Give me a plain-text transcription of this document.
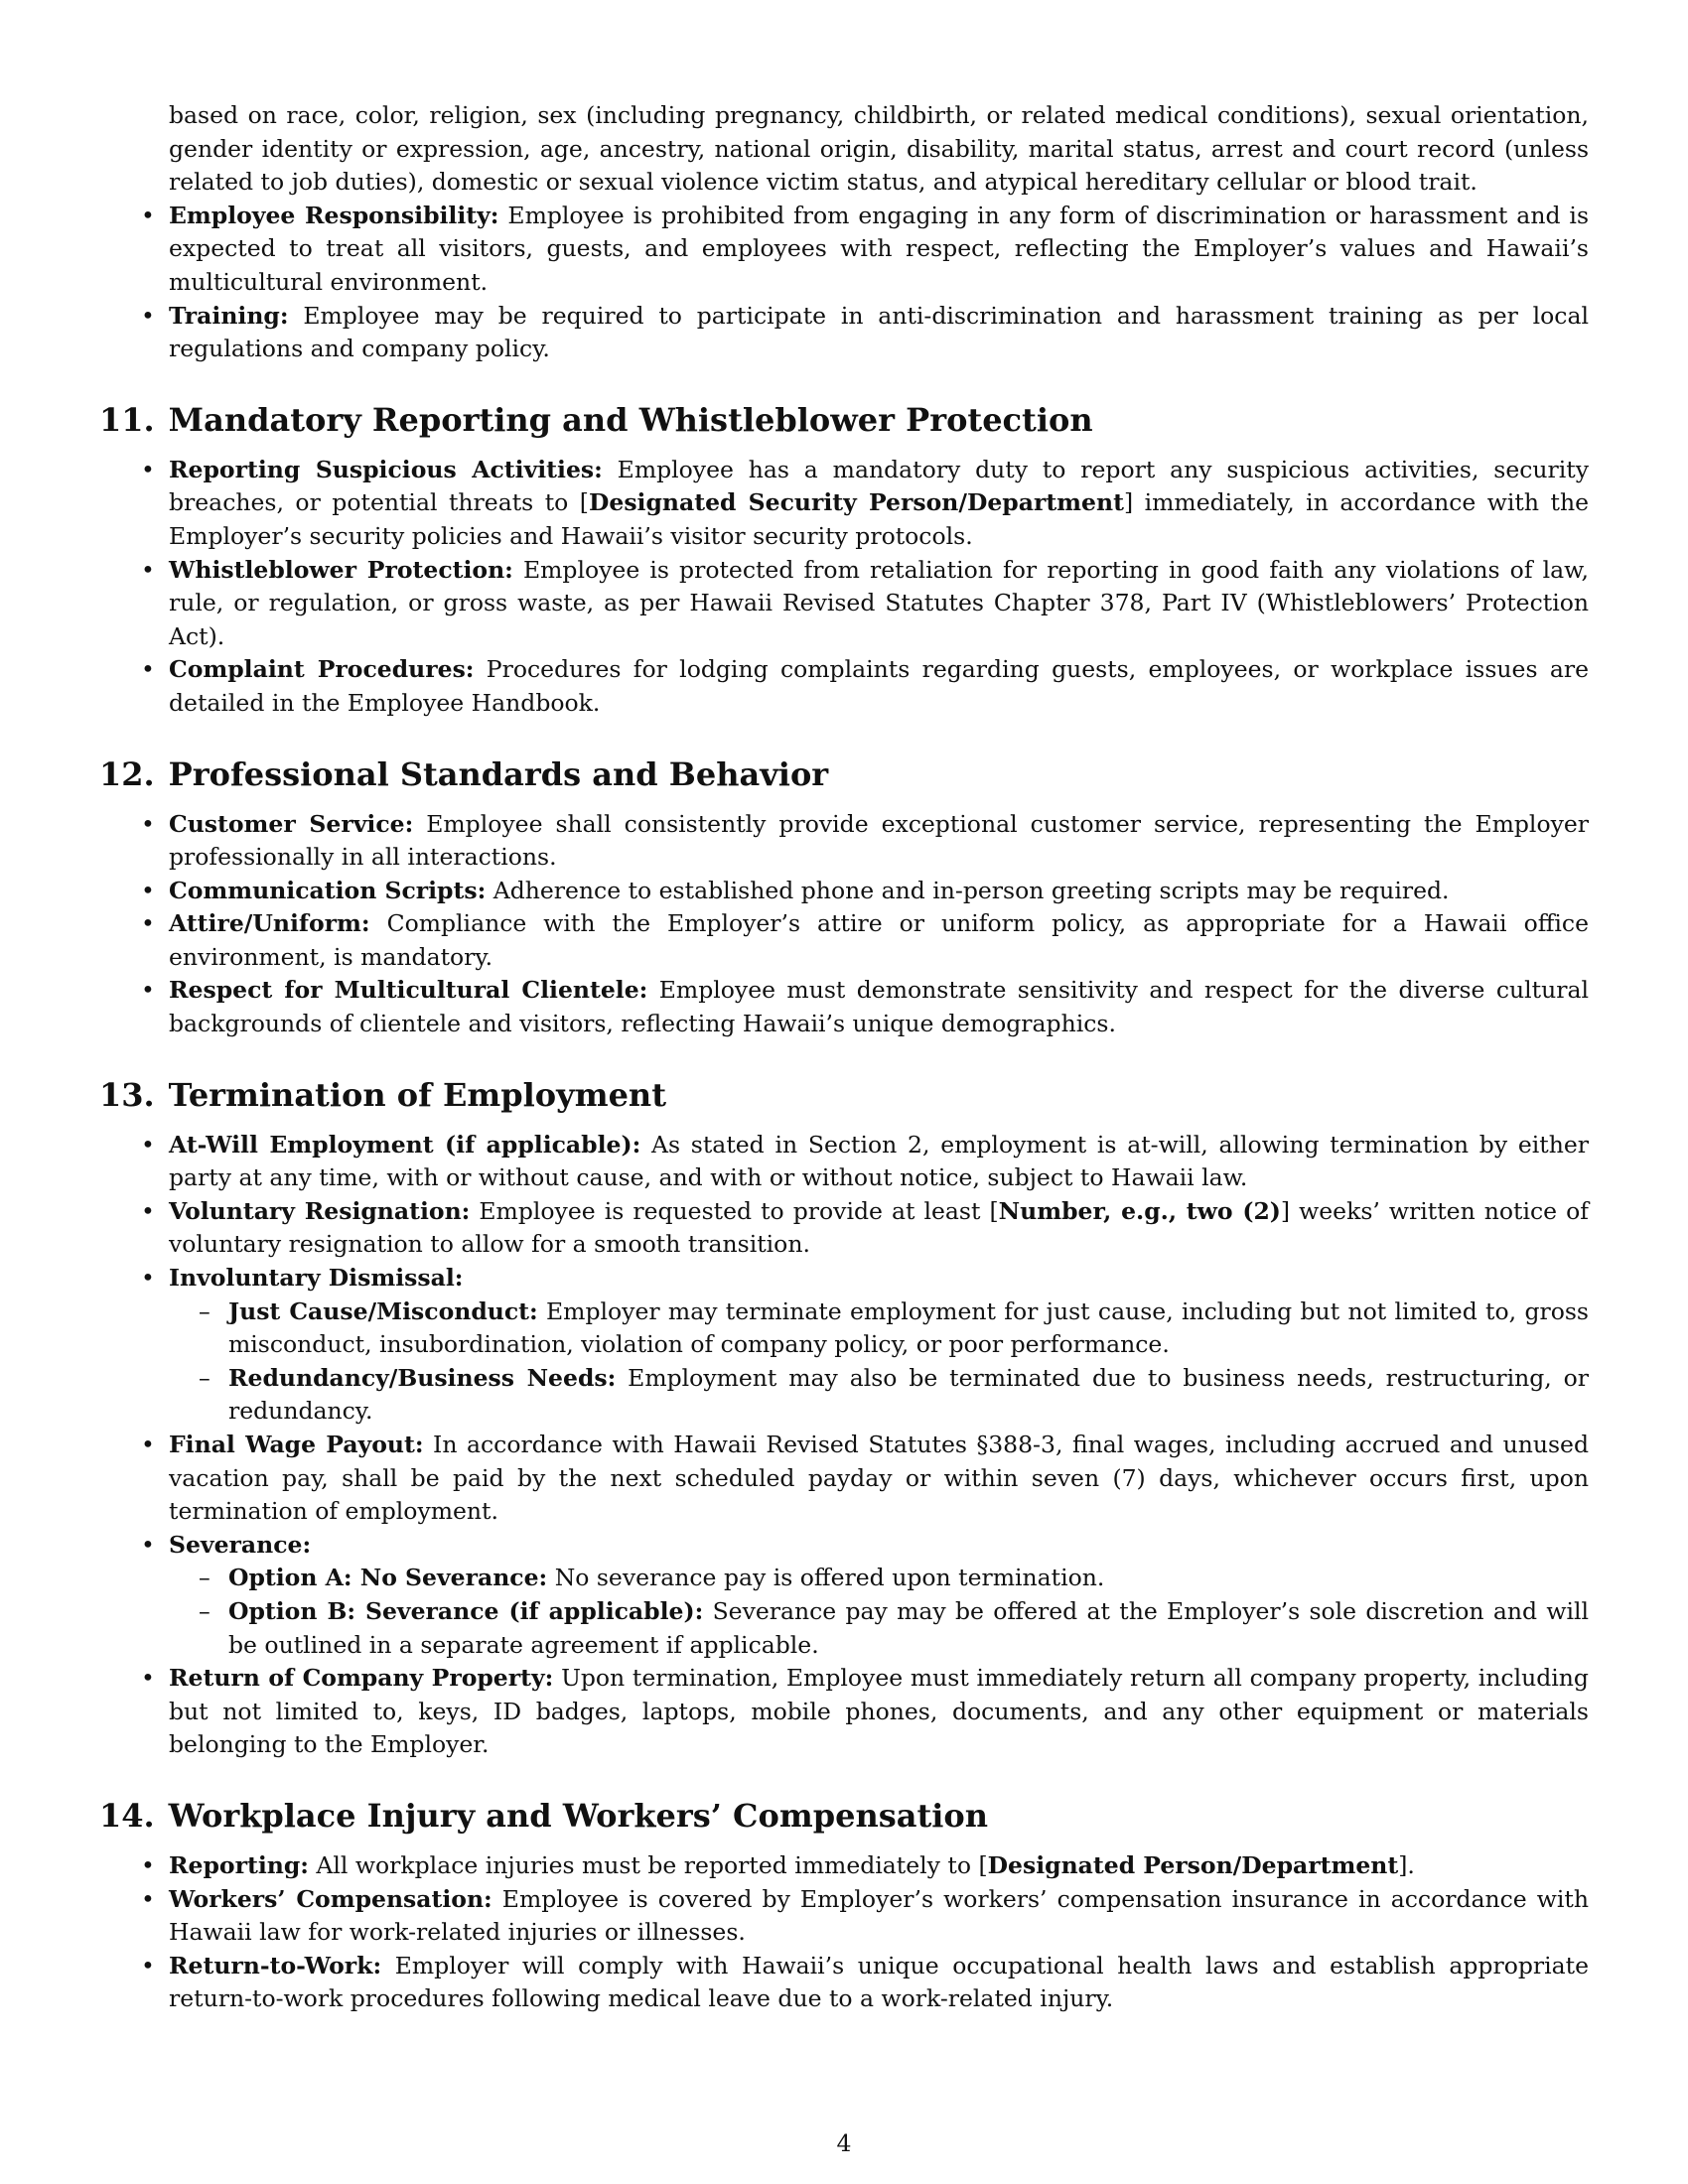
based on race, color, religion, sex (including pregnancy, childbirth, or related medical conditions), sexual orientation, gender identity or expression, age, ancestry, national origin, disability, marital status, arrest and court record (unless related to job duties), domestic or sexual violence victim status, and atypical hereditary cellular or blood trait.
• Employee Responsibility: Employee is prohibited from engaging in any form of discrimination or harassment and is expected to treat all visitors, guests, and employees with respect, reflecting the Employer’s values and Hawaii’s multicultural environment.
• Training: Employee may be required to participate in anti-discrimination and harassment training as per local regulations and company policy.
11. Mandatory Reporting and Whistleblower Protection
• Reporting Suspicious Activities: Employee has a mandatory duty to report any suspicious activities, security breaches, or potential threats to [Designated Security Person/Department] immediately, in accordance with the Employer’s security policies and Hawaii’s visitor security protocols.
• Whistleblower Protection: Employee is protected from retaliation for reporting in good faith any violations of law, rule, or regulation, or gross waste, as per Hawaii Revised Statutes Chapter 378, Part IV (Whistleblowers’ Protection Act).
• Complaint Procedures: Procedures for lodging complaints regarding guests, employees, or workplace issues are detailed in the Employee Handbook.
12. Professional Standards and Behavior
• Customer Service: Employee shall consistently provide exceptional customer service, representing the Employer professionally in all interactions.
• Communication Scripts: Adherence to established phone and in-person greeting scripts may be required.
• Attire/Uniform: Compliance with the Employer’s attire or uniform policy, as appropriate for a Hawaii office environment, is mandatory.
• Respect for Multicultural Clientele: Employee must demonstrate sensitivity and respect for the diverse cultural backgrounds of clientele and visitors, reflecting Hawaii’s unique demographics.
13. Termination of Employment
• At-Will Employment (if applicable): As stated in Section 2, employment is at-will, allowing termination by either party at any time, with or without cause, and with or without notice, subject to Hawaii law.
• Voluntary Resignation: Employee is requested to provide at least [Number, e.g., two (2)] weeks’ written notice of voluntary resignation to allow for a smooth transition.
• Involuntary Dismissal:
– Just Cause/Misconduct: Employer may terminate employment for just cause, including but not limited to, gross misconduct, insubordination, violation of company policy, or poor performance.
– Redundancy/Business Needs: Employment may also be terminated due to business needs, restructuring, or redundancy.
• Final Wage Payout: In accordance with Hawaii Revised Statutes §388-3, final wages, including accrued and unused vacation pay, shall be paid by the next scheduled payday or within seven (7) days, whichever occurs first, upon termination of employment.
• Severance:
– Option A: No Severance: No severance pay is offered upon termination.
– Option B: Severance (if applicable): Severance pay may be offered at the Employer’s sole discretion and will be outlined in a separate agreement if applicable.
• Return of Company Property: Upon termination, Employee must immediately return all company property, including but not limited to, keys, ID badges, laptops, mobile phones, documents, and any other equipment or materials belonging to the Employer.
14. Workplace Injury and Workers’ Compensation
• Reporting: All workplace injuries must be reported immediately to [Designated Person/Department].
• Workers’ Compensation: Employee is covered by Employer’s workers’ compensation insurance in accordance with Hawaii law for work-related injuries or illnesses.
• Return-to-Work: Employer will comply with Hawaii’s unique occupational health laws and establish appropriate return-to-work procedures following medical leave due to a work-related injury.
4
